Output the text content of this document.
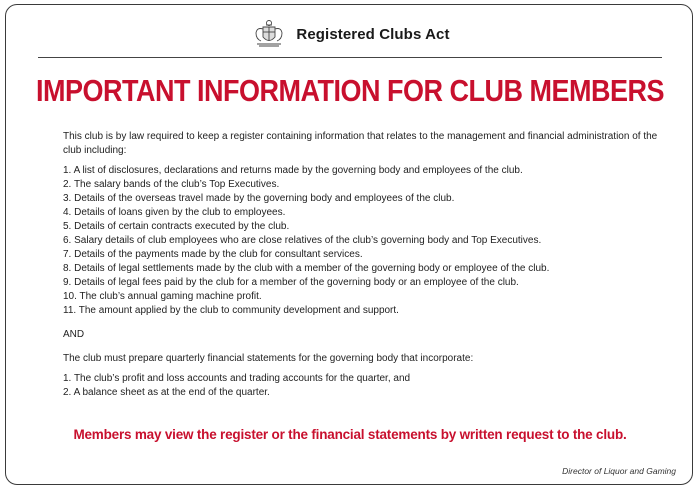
Registered Clubs Act
IMPORTANT INFORMATION FOR CLUB MEMBERS

This club is by law required to keep a register containing information that relates to the management and financial administration of the club including:

1. A list of disclosures, declarations and returns made by the governing body and employees of the club.
2. The salary bands of the club’s Top Executives.
3. Details of the overseas travel made by the governing body and employees of the club.
4. Details of loans given by the club to employees.
5. Details of certain contracts executed by the club.
6. Salary details of club employees who are close relatives of the club’s governing body and Top Executives.
7. Details of the payments made by the club for consultant services.
8. Details of legal settlements made by the club with a member of the governing body or employee of the club.
9. Details of legal fees paid by the club for a member of the governing body or an employee of the club.
10. The club’s annual gaming machine profit.
11. The amount applied by the club to community development and support.

AND

The club must prepare quarterly financial statements for the governing body that incorporate:

1. The club’s profit and loss accounts and trading accounts for the quarter, and
2. A balance sheet as at the end of the quarter.
Members may view the register or the financial statements by written request to the club.
Director of Liquor and Gaming
